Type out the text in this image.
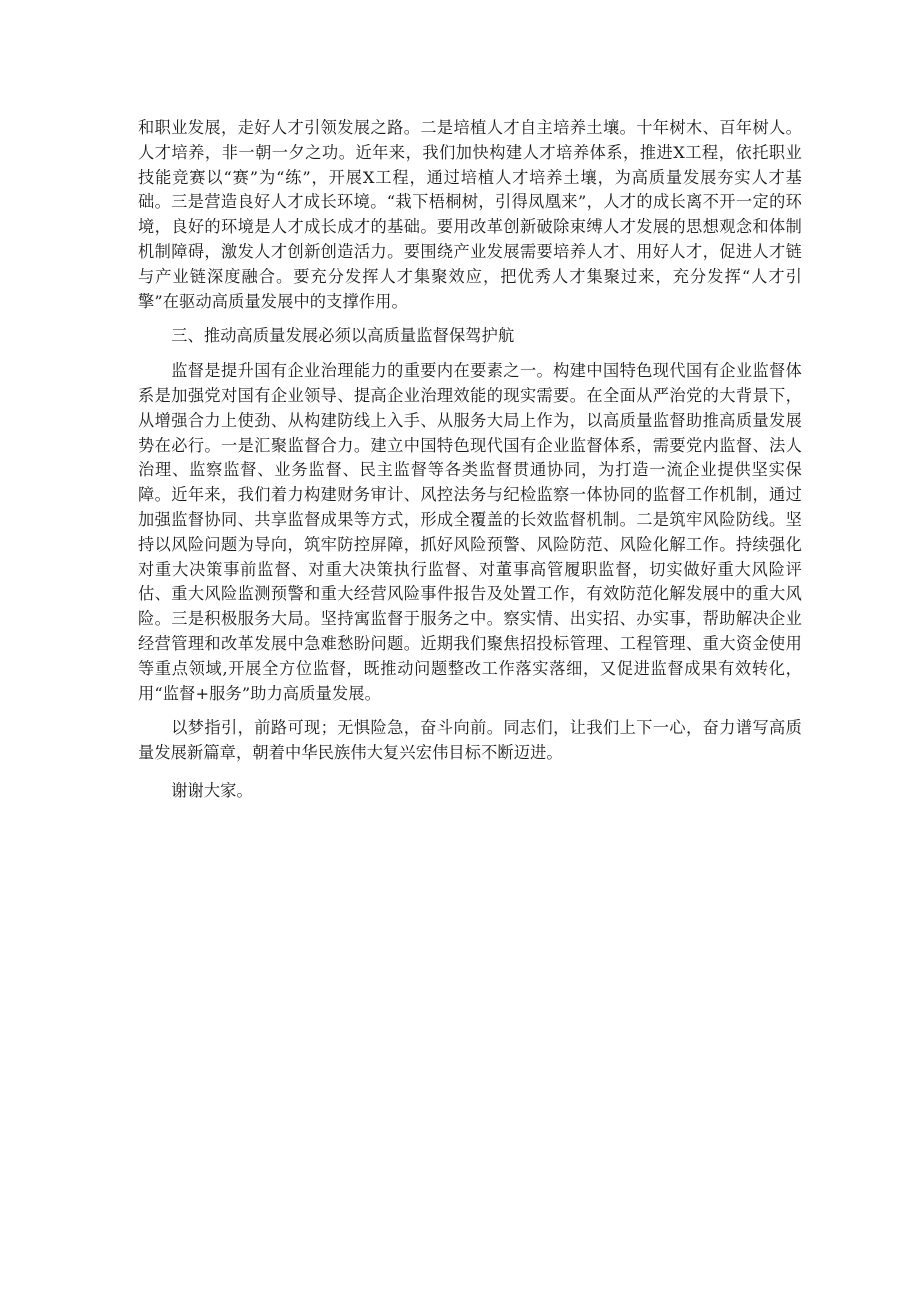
和职业发展，走好人才引领发展之路。二是培植人才自主培养土壤。十年树木、百年树人。人才培养，非一朝一夕之功。近年来，我们加快构建人才培养体系，推进X工程，依托职业技能竞赛以“赛”为“练”，开展X工程，通过培植人才培养土壤，为高质量发展夯实人才基础。三是营造良好人才成长环境。“栽下梧桐树，引得凤凰来”，人才的成长离不开一定的环境，良好的环境是人才成长成才的基础。要用改革创新破除束缚人才发展的思想观念和体制机制障碍，激发人才创新创造活力。要围绕产业发展需要培养人才、用好人才，促进人才链与产业链深度融合。要充分发挥人才集聚效应，把优秀人才集聚过来，充分发挥“人才引擎”在驱动高质量发展中的支撑作用。

三、推动高质量发展必须以高质量监督保驾护航

监督是提升国有企业治理能力的重要内在要素之一。构建中国特色现代国有企业监督体系是加强党对国有企业领导、提高企业治理效能的现实需要。在全面从严治党的大背景下，从增强合力上使劲、从构建防线上入手、从服务大局上作为，以高质量监督助推高质量发展势在必行。一是汇聚监督合力。建立中国特色现代国有企业监督体系，需要党内监督、法人治理、监察监督、业务监督、民主监督等各类监督贯通协同，为打造一流企业提供坚实保障。近年来，我们着力构建财务审计、风控法务与纪检监察一体协同的监督工作机制，通过加强监督协同、共享监督成果等方式，形成全覆盖的长效监督机制。二是筑牢风险防线。坚持以风险问题为导向，筑牢防控屏障，抓好风险预警、风险防范、风险化解工作。持续强化对重大决策事前监督、对重大决策执行监督、对董事高管履职监督，切实做好重大风险评估、重大风险监测预警和重大经营风险事件报告及处置工作，有效防范化解发展中的重大风险。三是积极服务大局。坚持寓监督于服务之中。察实情、出实招、办实事，帮助解决企业经营管理和改革发展中急难愁盼问题。近期我们聚焦招投标管理、工程管理、重大资金使用等重点领域,开展全方位监督，既推动问题整改工作落实落细，又促进监督成果有效转化，用“监督+服务”助力高质量发展。

以梦指引，前路可现；无惧险急，奋斗向前。同志们，让我们上下一心，奋力谱写高质量发展新篇章，朝着中华民族伟大复兴宏伟目标不断迈进。

谢谢大家。
